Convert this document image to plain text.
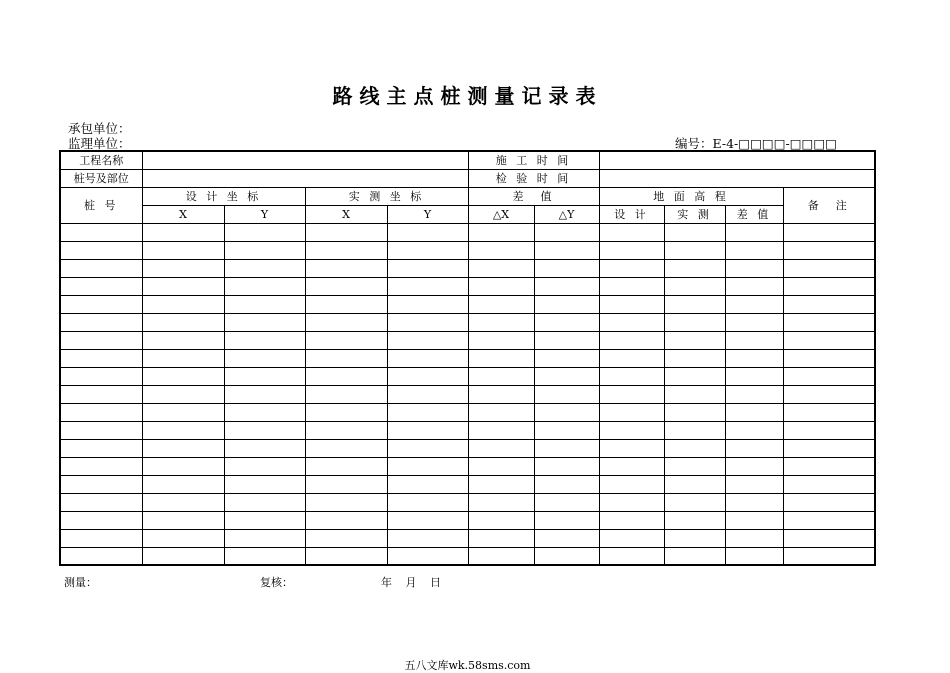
路线主点桩测量记录表
承包单位：
监理单位：	编号：E-4-□□□□-□□□□
工程名称					施 工 时 间					
桩号及部位					检 验 时 间					
桩 号	设 计 坐 标		实 测 坐 标		差　值		地 面 高 程			备　注
	X	Y	X	Y	△X	△Y	设 计	实 测	差 值	

测量：	复核：	年 月 日
五八文库wk.58sms.com
